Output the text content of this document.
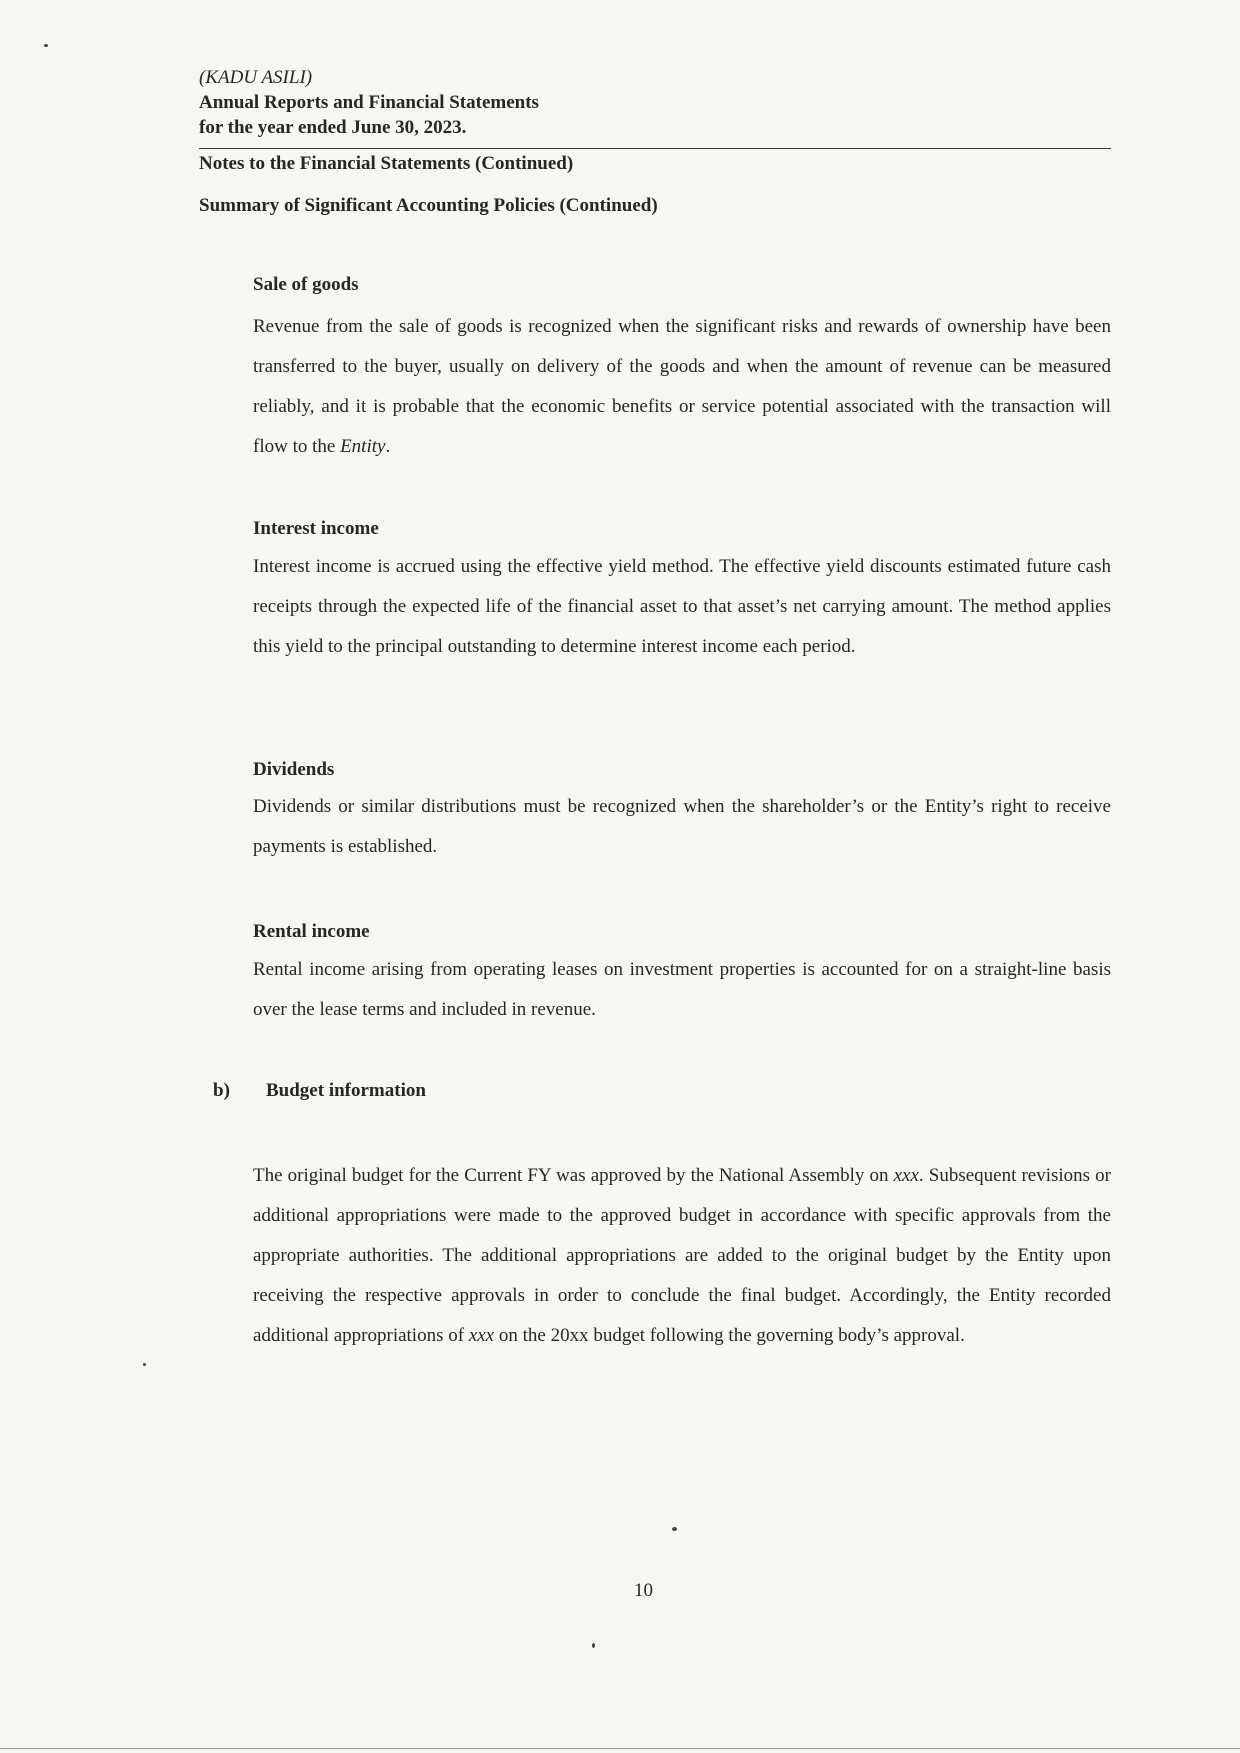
(KADU ASILI)
Annual Reports and Financial Statements
for the year ended June 30, 2023.
Notes to the Financial Statements (Continued)
Summary of Significant Accounting Policies (Continued)
Sale of goods

Revenue from the sale of goods is recognized when the significant risks and rewards of ownership have been transferred to the buyer, usually on delivery of the goods and when the amount of revenue can be measured reliably, and it is probable that the economic benefits or service potential associated with the transaction will flow to the Entity.

Interest income

Interest income is accrued using the effective yield method. The effective yield discounts estimated future cash receipts through the expected life of the financial asset to that asset’s net carrying amount. The method applies this yield to the principal outstanding to determine interest income each period.

Dividends

Dividends or similar distributions must be recognized when the shareholder’s or the Entity’s right to receive payments is established.

Rental income

Rental income arising from operating leases on investment properties is accounted for on a straight-line basis over the lease terms and included in revenue.

b) Budget information

The original budget for the Current FY was approved by the National Assembly on xxx. Subsequent revisions or additional appropriations were made to the approved budget in accordance with specific approvals from the appropriate authorities. The additional appropriations are added to the original budget by the Entity upon receiving the respective approvals in order to conclude the final budget. Accordingly, the Entity recorded additional appropriations of xxx on the 20xx budget following the governing body’s approval.

10
